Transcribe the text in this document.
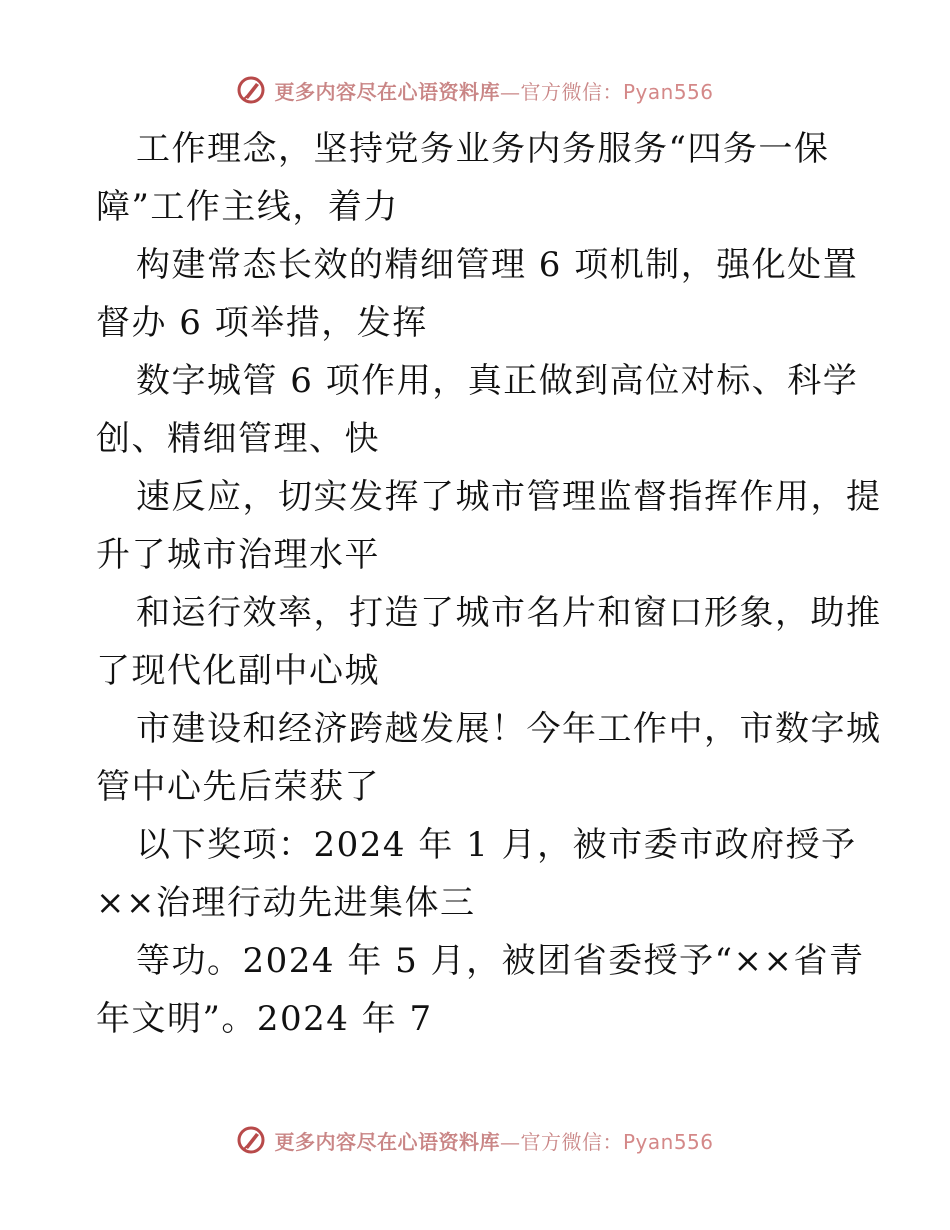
更多内容尽在心语资料库 — 官方微信： Pyan556
工作理念，坚持党务业务内务服务“四务一保
障”工作主线，着力
构建常态长效的精细管理 6 项机制，强化处置
督办 6 项举措，发挥
数字城管 6 项作用，真正做到高位对标、科学
创、精细管理、快
速反应，切实发挥了城市管理监督指挥作用，提
升了城市治理水平
和运行效率，打造了城市名片和窗口形象，助推
了现代化副中心城
市建设和经济跨越发展！今年工作中，市数字城
管中心先后荣获了
以下奖项：2024 年 1 月，被市委市政府授予
××治理行动先进集体三
等功。2024 年 5 月，被团省委授予“××省青
年文明”。2024 年 7
更多内容尽在心语资料库 — 官方微信： Pyan556
